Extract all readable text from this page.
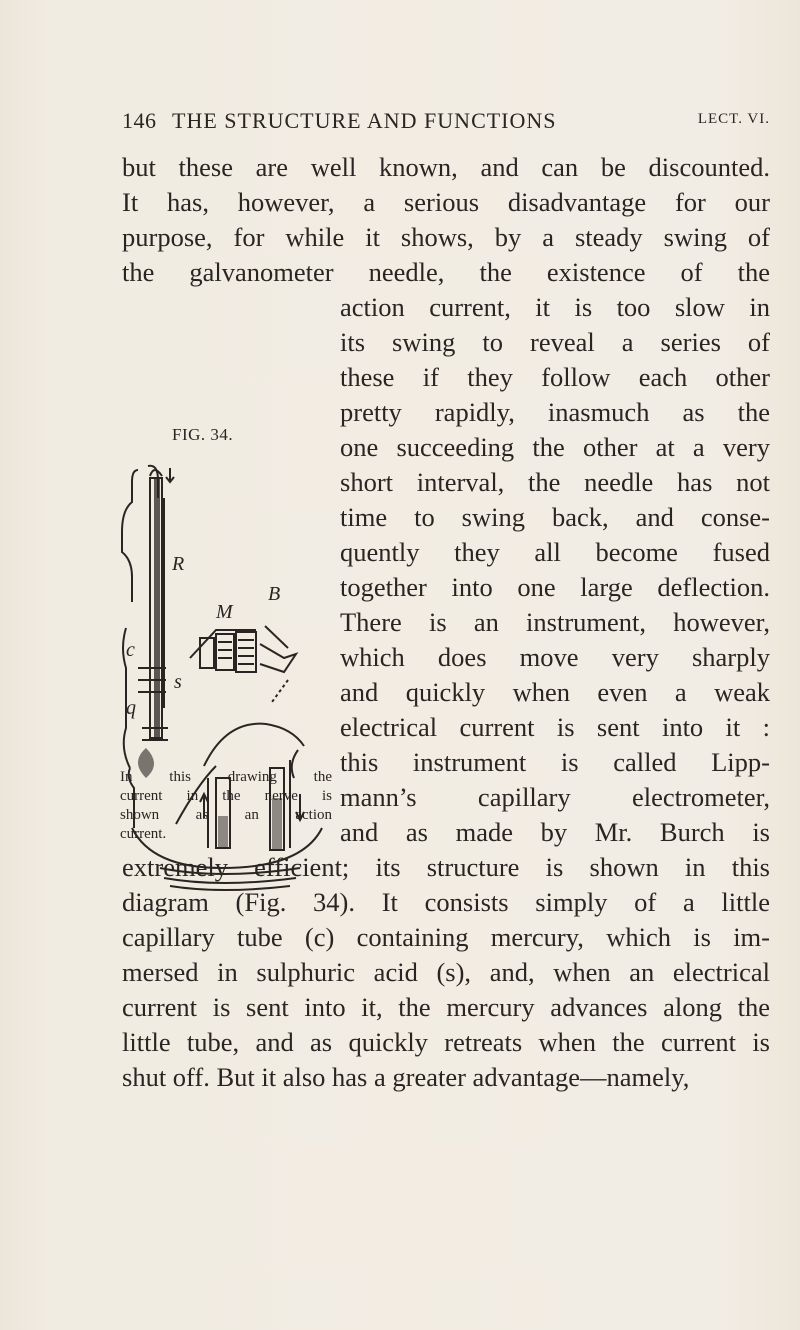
146 THE STRUCTURE AND FUNCTIONS	LECT. VI.
but these are well known, and can be discounted.
It has, however, a serious disadvantage for our
purpose, for while it shows, by a steady swing of
the galvanometer needle, the existence of the
action current, it is too slow in
its swing to reveal a series of
these if they follow each other
pretty rapidly, inasmuch as the
one succeeding the other at a very
short interval, the needle has not
time to swing back, and conse-
quently they all become fused
together into one large deflection.
There is an instrument, however,
which does move very sharply
and quickly when even a weak
electrical current is sent into it :
this instrument is called Lipp-
mann’s capillary electrometer,
and as made by Mr. Burch is
extremely efficient; its structure is shown in this
diagram (Fig. 34). It consists simply of a little
capillary tube (c) containing mercury, which is im-
mersed in sulphuric acid (s), and, when an electrical
current is sent into it, the mercury advances along the
little tube, and as quickly retreats when the current is
shut off. But it also has a greater advantage—namely,
FIG. 34.
R
M
B
c
s
q
In this drawing the
current in the nerve is
shown as an action
current.
